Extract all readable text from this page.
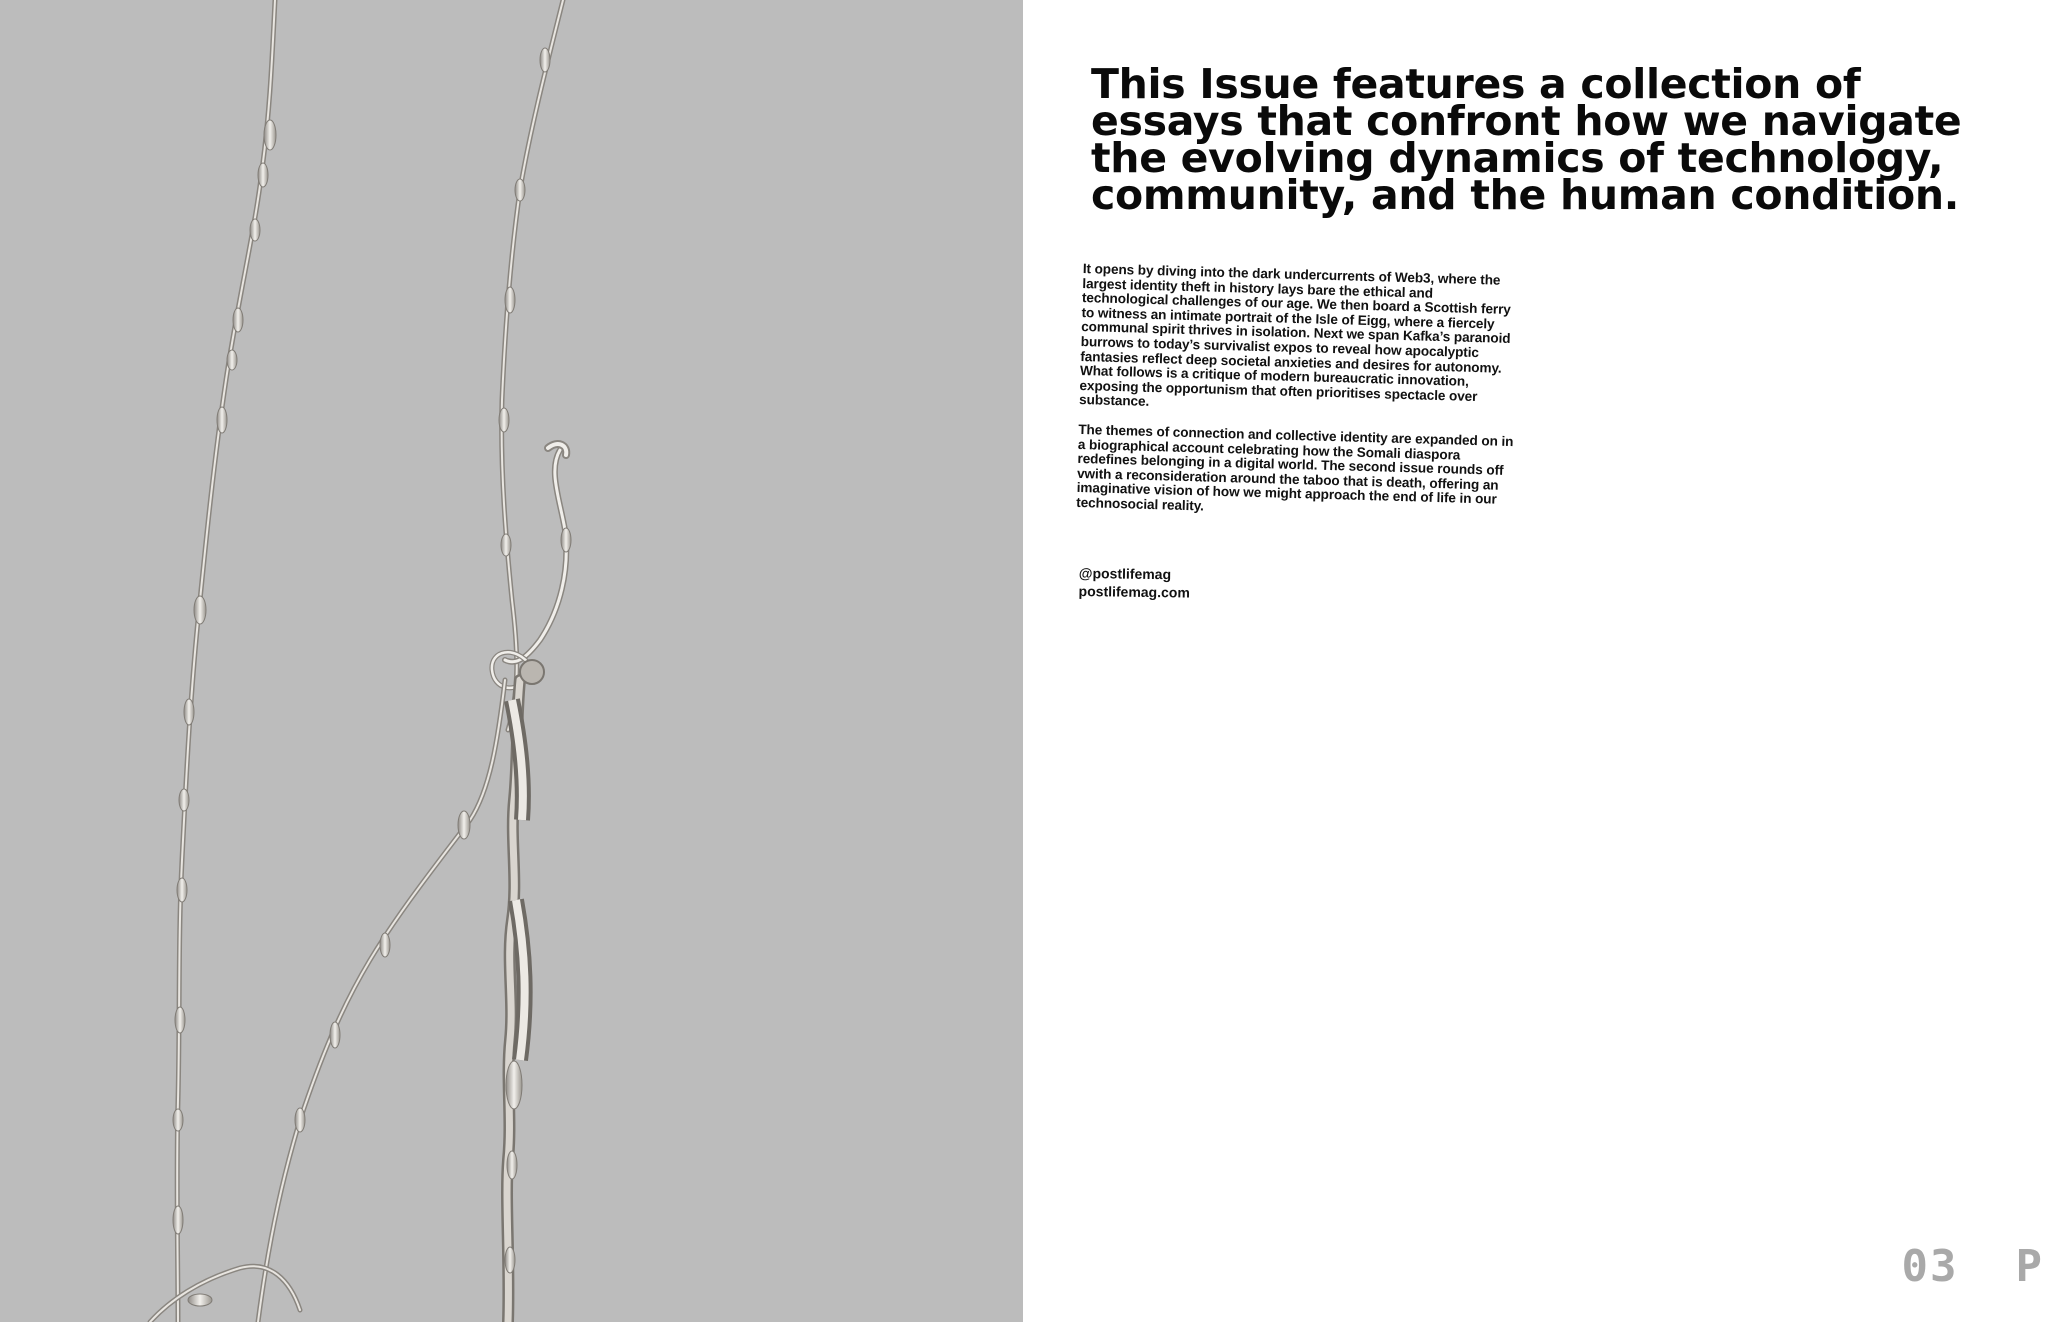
This Issue features a collection of essays that confront how we navigate the evolving dynamics of technology, community, and the human condition.

It opens by diving into the dark undercurrents of Web3, where the largest identity theft in history lays bare the ethical and technological challenges of our age. We then board a Scottish ferry to witness an intimate portrait of the Isle of Eigg, where a fiercely communal spirit thrives in isolation. Next we span Kafka’s paranoid burrows to today’s survivalist expos to reveal how apocalyptic fantasies reflect deep societal anxieties and desires for autonomy. What follows is a critique of modern bureaucratic innovation, exposing the opportunism that often prioritises spectacle over substance.

The themes of connection and collective identity are expanded on in a biographical account celebrating how the Somali diaspora redefines belonging in a digital world. The second issue rounds off vwith a reconsideration around the taboo that is death, offering an imaginative vision of how we might approach the end of life in our technosocial reality.

@postlifemag
postlifemag.com
03  P
